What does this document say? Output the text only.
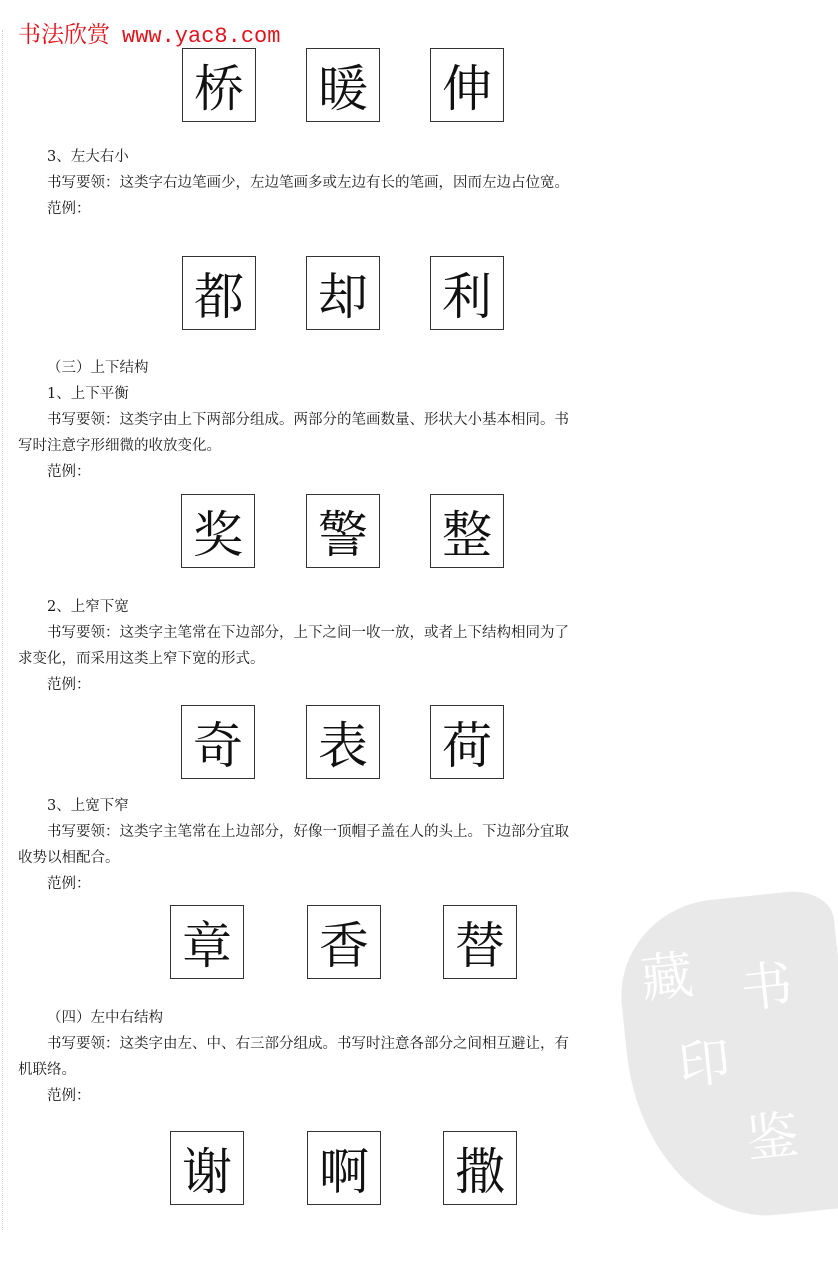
藏 书
印
鉴
书法欣赏 www.yac8.com
桥 暖 伸
3、左大右小
书写要领：这类字右边笔画少，左边笔画多或左边有长的笔画，因而左边占位宽。
范例：
都 却 利
（三）上下结构
1、上下平衡
书写要领：这类字由上下两部分组成。两部分的笔画数量、形状大小基本相同。书
写时注意字形细微的收放变化。
范例：
奖 警 整
2、上窄下宽
书写要领：这类字主笔常在下边部分，上下之间一收一放，或者上下结构相同为了
求变化，而采用这类上窄下宽的形式。
范例：
奇 表 荷
3、上宽下窄
书写要领：这类字主笔常在上边部分，好像一顶帽子盖在人的头上。下边部分宜取
收势以相配合。
范例：
章 香 替
（四）左中右结构
书写要领：这类字由左、中、右三部分组成。书写时注意各部分之间相互避让，有
机联络。
范例：
谢 啊 撒
